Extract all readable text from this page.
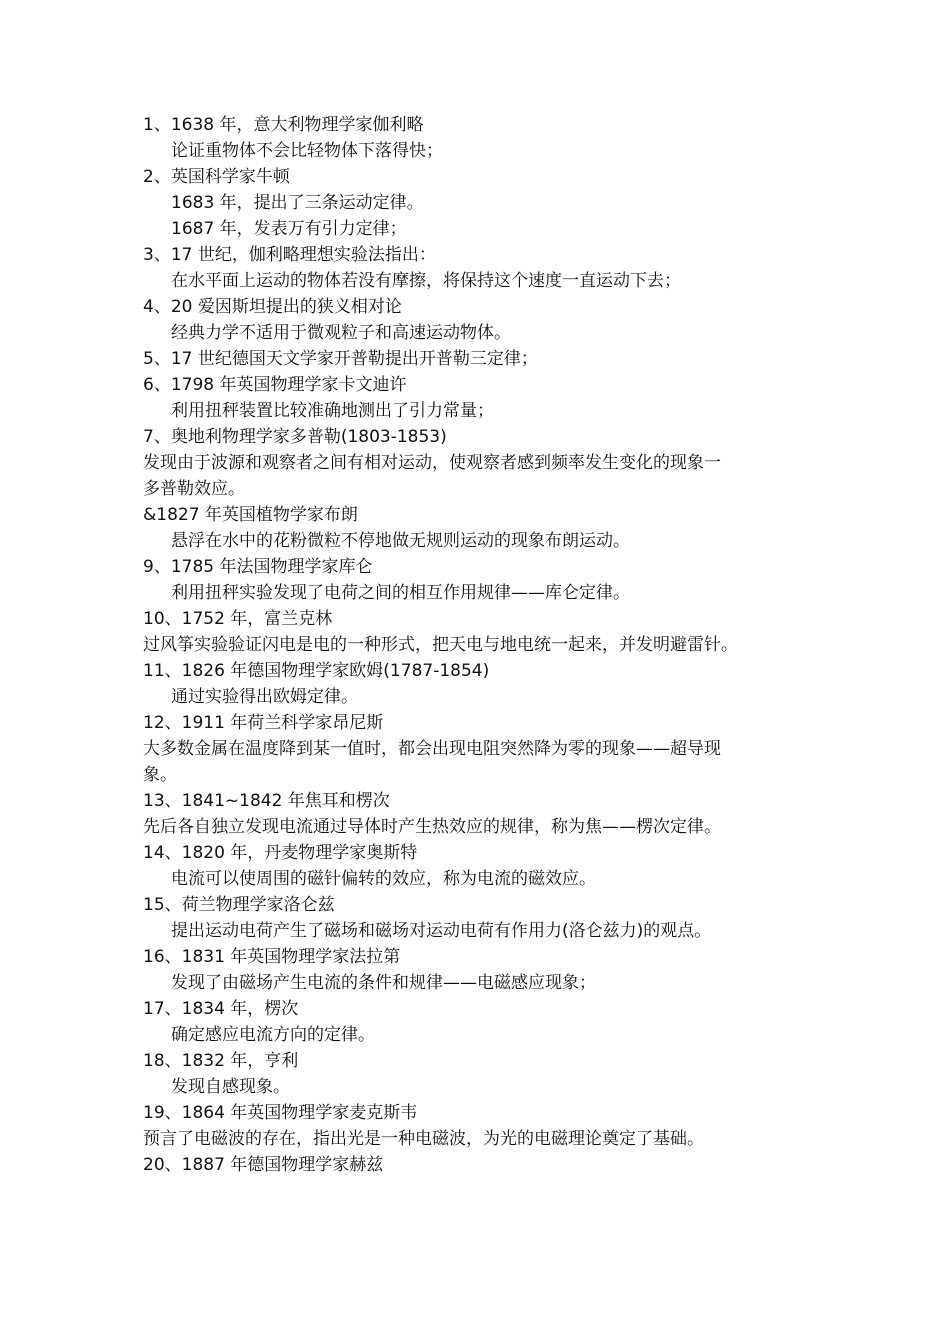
1、1638 年，意大利物理学家伽利略
论证重物体不会比轻物体下落得快；
2、英国科学家牛顿
1683 年，提出了三条运动定律。
1687 年，发表万有引力定律；
3、17 世纪，伽利略理想实验法指出：
在水平面上运动的物体若没有摩擦，将保持这个速度一直运动下去；
4、20 爱因斯坦提出的狭义相对论
经典力学不适用于微观粒子和高速运动物体。
5、17 世纪德国天文学家开普勒提出开普勒三定律；
6、1798 年英国物理学家卡文迪许
利用扭秤装置比较准确地测出了引力常量；
7、奥地利物理学家多普勒(1803-1853)
发现由于波源和观察者之间有相对运动，使观察者感到频率发生变化的现象一
多普勒效应。
&1827 年英国植物学家布朗
悬浮在水中的花粉微粒不停地做无规则运动的现象布朗运动。
9、1785 年法国物理学家库仑
利用扭秤实验发现了电荷之间的相互作用规律——库仑定律。
10、1752 年，富兰克林
过风筝实验验证闪电是电的一种形式，把天电与地电统一起来，并发明避雷针。
11、1826 年德国物理学家欧姆(1787-1854)
通过实验得出欧姆定律。
12、1911 年荷兰科学家昂尼斯
大多数金属在温度降到某一值时，都会出现电阻突然降为零的现象——超导现
象。
13、1841~1842 年焦耳和楞次
先后各自独立发现电流通过导体时产生热效应的规律，称为焦——楞次定律。
14、1820 年，丹麦物理学家奥斯特
电流可以使周围的磁针偏转的效应，称为电流的磁效应。
15、荷兰物理学家洛仑兹
提出运动电荷产生了磁场和磁场对运动电荷有作用力(洛仑兹力)的观点。
16、1831 年英国物理学家法拉第
发现了由磁场产生电流的条件和规律——电磁感应现象；
17、1834 年，楞次
确定感应电流方向的定律。
18、1832 年，亨利
发现自感现象。
19、1864 年英国物理学家麦克斯韦
预言了电磁波的存在，指出光是一种电磁波，为光的电磁理论奠定了基础。
20、1887 年德国物理学家赫兹
